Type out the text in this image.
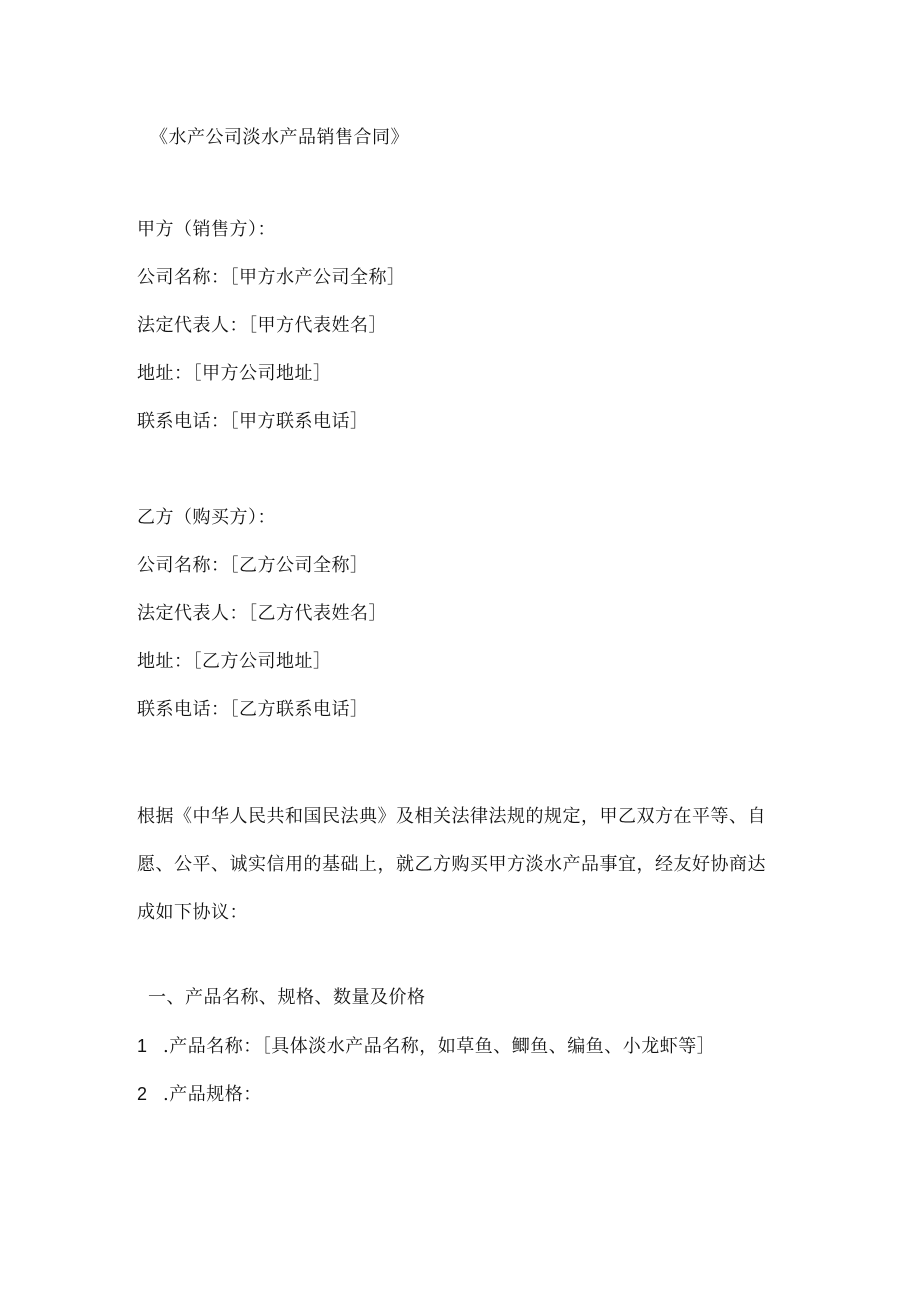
《水产公司淡水产品销售合同》
甲方（销售方）：
公司名称：［甲方水产公司全称］
法定代表人：［甲方代表姓名］
地址：［甲方公司地址］
联系电话：［甲方联系电话］
乙方（购买方）：
公司名称：［乙方公司全称］
法定代表人：［乙方代表姓名］
地址：［乙方公司地址］
联系电话：［乙方联系电话］
根据《中华人民共和国民法典》及相关法律法规的规定，甲乙双方在平等、自
愿、公平、诚实信用的基础上，就乙方购买甲方淡水产品事宜，经友好协商达
成如下协议：
一、产品名称、规格、数量及价格
1 .产品名称：［具体淡水产品名称，如草鱼、鲫鱼、编鱼、小龙虾等］
2 .产品规格：
